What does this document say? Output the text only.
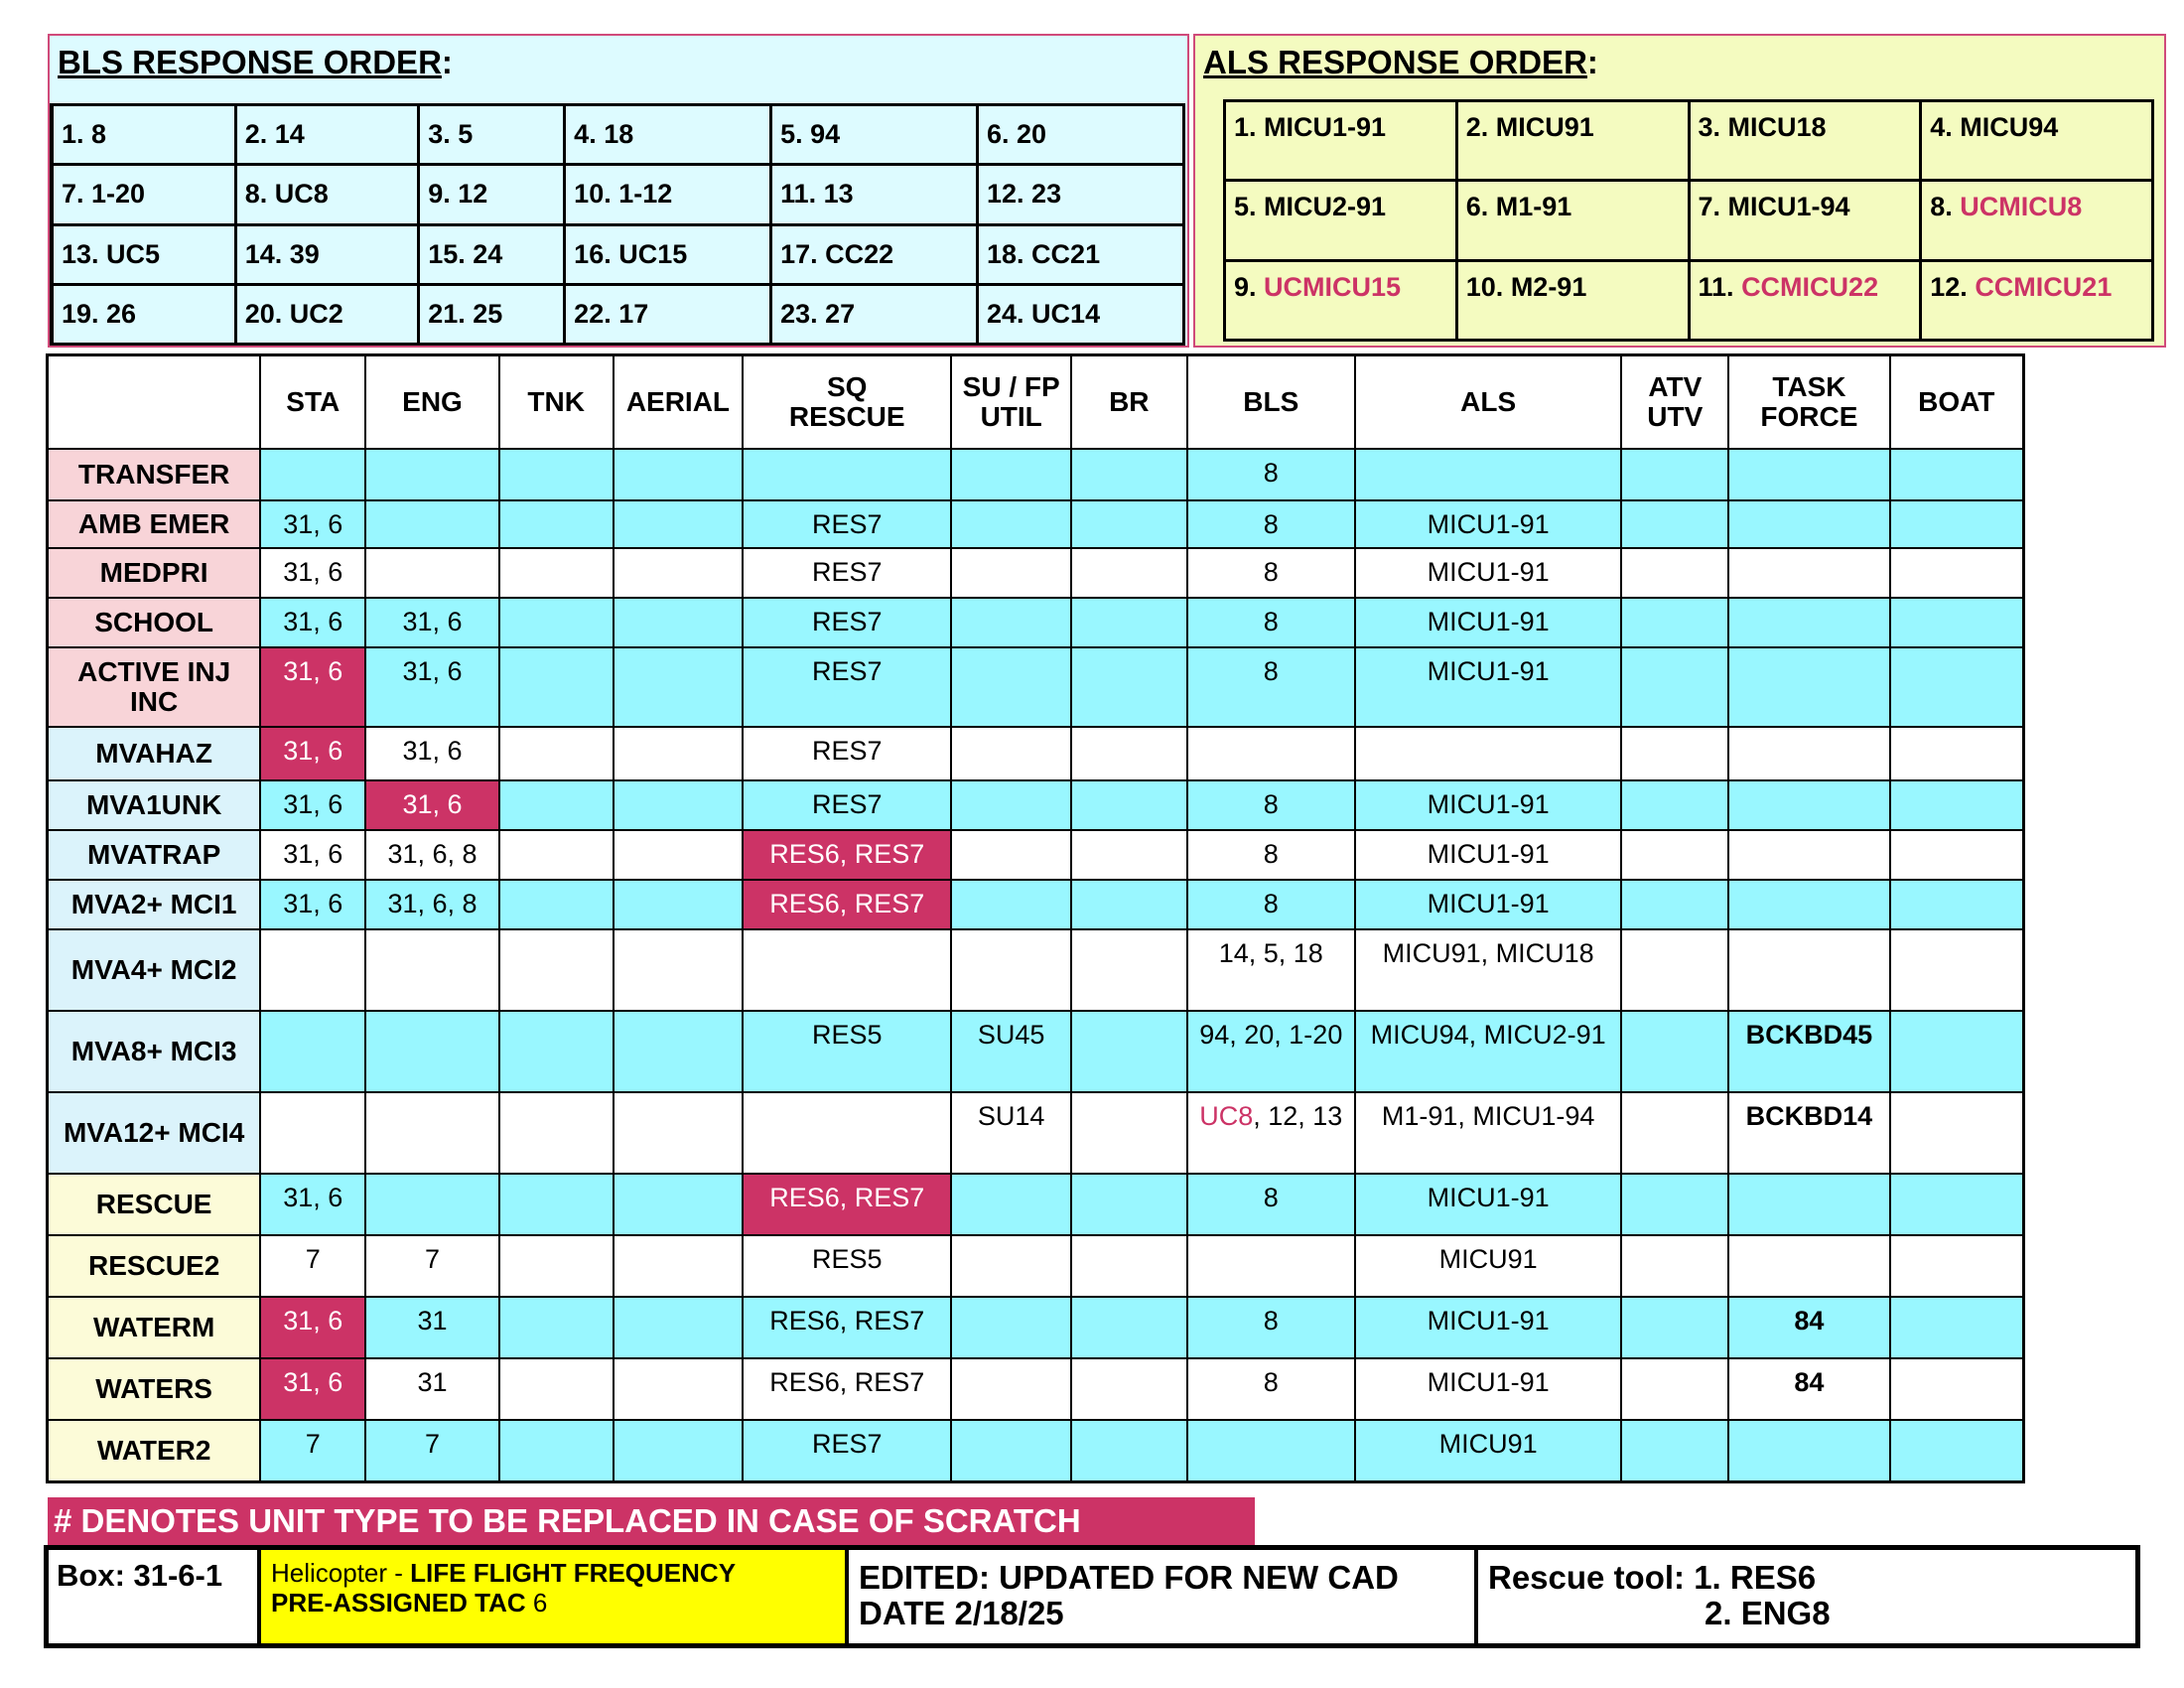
BLS RESPONSE ORDER:
1. 8	2. 14	3. 5	4. 18	5. 94	6. 20
7. 1-20	8. UC8	9. 12	10. 1-12	11. 13	12. 23
13. UC5	14. 39	15. 24	16. UC15	17. CC22	18. CC21
19. 26	20. UC2	21. 25	22. 17	23. 27	24. UC14
ALS RESPONSE ORDER:
1. MICU1-91	2. MICU91	3. MICU18	4. MICU94
5. MICU2-91	6. M1-91	7. MICU1-94	8. UCMICU8
9. UCMICU15	10. M2-91	11. CCMICU22	12. CCMICU21
	STA	ENG	TNK	AERIAL	SQ
RESCUE	SU / FP
UTIL	BR	BLS	ALS	ATV
UTV	TASK
FORCE	BOAT
TRANSFER								8				
AMB EMER	31, 6				RES7			8	MICU1-91			
MEDPRI	31, 6				RES7			8	MICU1-91			
SCHOOL	31, 6	31, 6			RES7			8	MICU1-91			
ACTIVE INJ
INC	31, 6	31, 6			RES7			8	MICU1-91			
MVAHAZ	31, 6	31, 6			RES7							
MVA1UNK	31, 6	31, 6			RES7			8	MICU1-91			
MVATRAP	31, 6	31, 6, 8			RES6, RES7			8	MICU1-91			
MVA2+ MCI1	31, 6	31, 6, 8			RES6, RES7			8	MICU1-91			
MVA4+ MCI2								14, 5, 18	MICU91, MICU18			
MVA8+ MCI3					RES5	SU45		94, 20, 1-20	MICU94, MICU2-91		BCKBD45	
MVA12+ MCI4						SU14		UC8, 12, 13	M1-91, MICU1-94		BCKBD14	
RESCUE	31, 6				RES6, RES7			8	MICU1-91			
RESCUE2	7	7			RES5				MICU91			
WATERM	31, 6	31			RES6, RES7			8	MICU1-91		84	
WATERS	31, 6	31			RES6, RES7			8	MICU1-91		84	
WATER2	7	7			RES7				MICU91			
# DENOTES UNIT TYPE TO BE REPLACED IN CASE OF SCRATCH
Box: 31-6-1	Helicopter - LIFE FLIGHT FREQUENCY
PRE-ASSIGNED TAC 6
EDITED: UPDATED FOR NEW CAD
DATE 2/18/25
Rescue tool: 1. RES6
2. ENG8
